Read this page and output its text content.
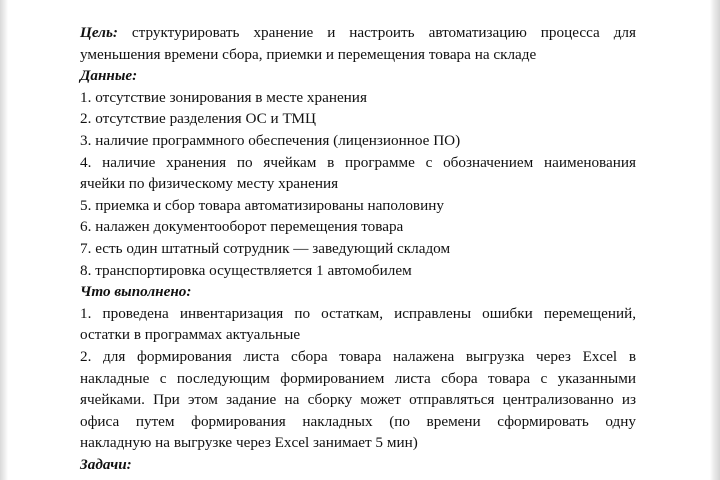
Цель: структурировать хранение и настроить автоматизацию процесса для
уменьшения времени сбора, приемки и перемещения товара на складе
Данные:
1. отсутствие зонирования в месте хранения
2. отсутствие разделения ОС и ТМЦ
3. наличие программного обеспечения (лицензионное ПО)
4. наличие хранения по ячейкам в программе с обозначением наименования
ячейки по физическому месту хранения
5. приемка и сбор товара автоматизированы наполовину
6. налажен документооборот перемещения товара
7. есть один штатный сотрудник — заведующий складом
8. транспортировка осуществляется 1 автомобилем
Что выполнено:
1. проведена инвентаризация по остаткам, исправлены ошибки перемещений,
остатки в программах актуальные
2. для формирования листа сбора товара налажена выгрузка через Excel в
накладные с последующим формированием листа сбора товара с указанными
ячейками. При этом задание на сборку может отправляться централизованно из
офиса путем формирования накладных (по времени сформировать одну
накладную на выгрузке через Excel занимает 5 мин)
Задачи:
